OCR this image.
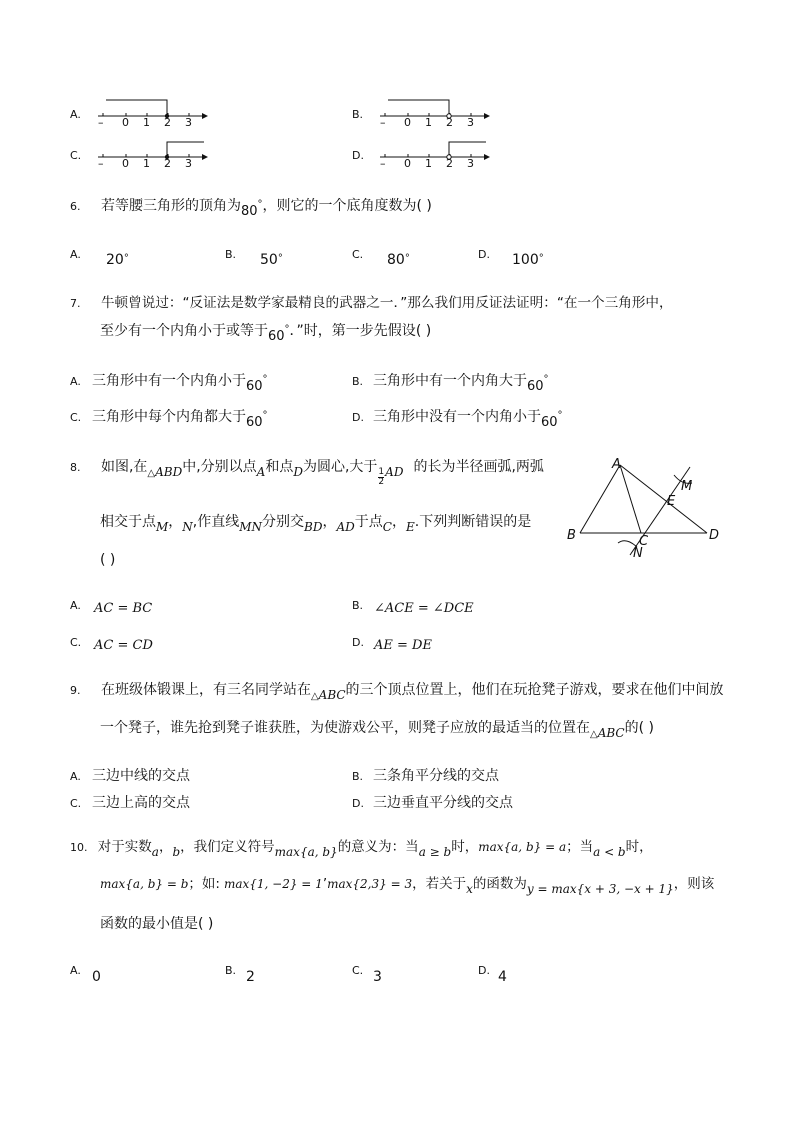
A.
– 0 1 2 3
B.
– 0 1 2 3
C.
– 0 1 2 3
D.
– 0 1 2 3
6. 若等腰三角形的顶角为80°，则它的一个底角度数为( )
A. 20°	B. 50°	C. 80°	D. 100°
7. 牛顿曾说过：“反证法是数学家最精良的武器之一．”那么我们用反证法证明：“在一个三角形中，
至少有一个内角小于或等于60°．”时，第一步先假设( )
A. 三角形中有一个内角小于60°	B. 三角形中有一个内角大于60°
C. 三角形中每个内角都大于60°	D. 三角形中没有一个内角小于60°
8. 如图,在$_\triangle$ABD中,分别以点A和点D为圆心,大于
$\frac{1}{2}$ AD 的长为半径画弧,两弧
相交于点M，N,作直线MN分别交BD，AD于点C，E.下列判断错误的是
( )
A
B	C	D
E
M
N
A. AC = BC	B. ∠ACE = ∠DCE
C. AC = CD	D. AE = DE
9. 在班级体锻课上，有三名同学站在$_\triangle$ABC的三个顶点位置上，他们在玩抢凳子游戏，要求在他们中间放
一个凳子，谁先抢到凳子谁获胜，为使游戏公平，则凳子应放的最适当的位置在$_\triangle$ABC的( )
A. 三边中线的交点	B. 三条角平分线的交点
C. 三边上高的交点	D. 三边垂直平分线的交点
10. 对于实数a，b，我们定义符号max{a, b}的意义为：当a ≥ b时，max{a, b} = a；当a < b时，
max{a, b} = b；如: max{1, −2} = 1’max{2,3} = 3，若关于x的函数为y = max{x + 3, −x + 1}，则该
函数的最小值是( )
A. 0	B. 2	C. 3	D. 4
